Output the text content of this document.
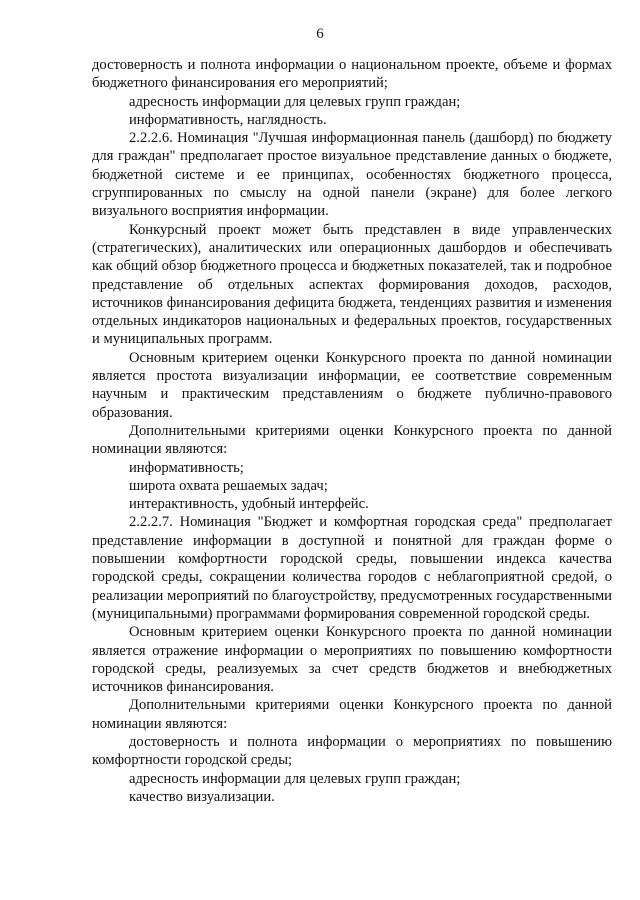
6

достоверность и полнота информации о национальном проекте, объеме и формах бюджетного финансирования его мероприятий;

адресность информации для целевых групп граждан;

информативность, наглядность.

2.2.2.6. Номинация "Лучшая информационная панель (дашборд) по бюджету для граждан" предполагает простое визуальное представление данных о бюджете, бюджетной системе и ее принципах, особенностях бюджетного процесса, сгруппированных по смыслу на одной панели (экране) для более легкого визуального восприятия информации.

Конкурсный проект может быть представлен в виде управленческих (стратегических), аналитических или операционных дашбордов и обеспечивать как общий обзор бюджетного процесса и бюджетных показателей, так и подробное представление об отдельных аспектах формирования доходов, расходов, источников финансирования дефицита бюджета, тенденциях развития и изменения отдельных индикаторов национальных и федеральных проектов, государственных и муниципальных программ.

Основным критерием оценки Конкурсного проекта по данной номинации является простота визуализации информации, ее соответствие современным научным и практическим представлениям о бюджете публично-правового образования.

Дополнительными критериями оценки Конкурсного проекта по данной номинации являются:

информативность;

широта охвата решаемых задач;

интерактивность, удобный интерфейс.

2.2.2.7. Номинация "Бюджет и комфортная городская среда" предполагает представление информации в доступной и понятной для граждан форме о повышении комфортности городской среды, повышении индекса качества городской среды, сокращении количества городов с неблагоприятной средой, о реализации мероприятий по благоустройству, предусмотренных государственными (муниципальными) программами формирования современной городской среды.

Основным критерием оценки Конкурсного проекта по данной номинации является отражение информации о мероприятиях по повышению комфортности городской среды, реализуемых за счет средств бюджетов и внебюджетных источников финансирования.

Дополнительными критериями оценки Конкурсного проекта по данной номинации являются:

достоверность и полнота информации о мероприятиях по повышению комфортности городской среды;

адресность информации для целевых групп граждан;

качество визуализации.
